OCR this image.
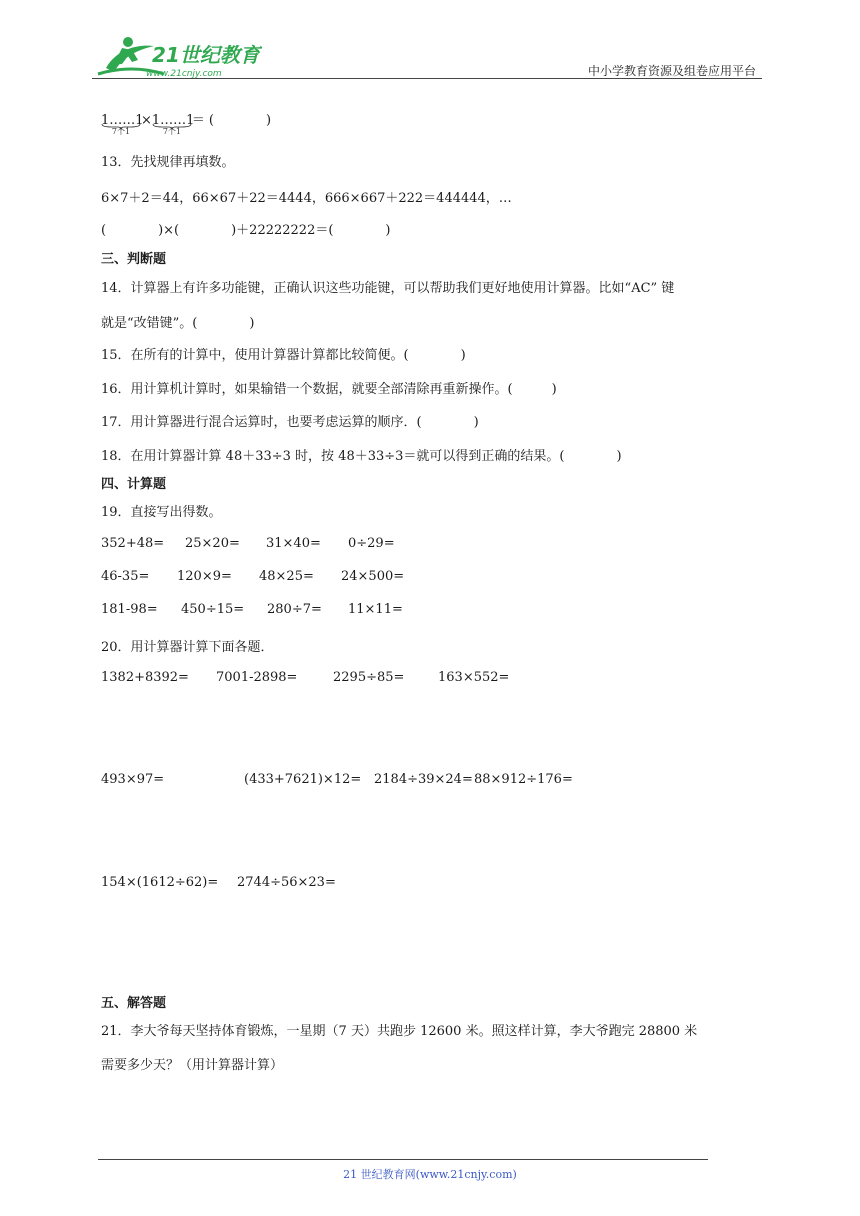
21世纪教育
www.21cnjy.com	中小学教育资源及组卷应用平台
1……1
7个1
×1……1
7个1
＝ (　　　　)
13．先找规律再填数。
6×7＋2＝44，66×67＋22＝4444，666×667＋222＝444444，…
(　　　　)×(　　　　)＋22222222＝(　　　　)
三、判断题
14．计算器上有许多功能键，正确认识这些功能键，可以帮助我们更好地使用计算器。比如“AC” 键
就是“改错键”。(　　　　)
15．在所有的计算中，使用计算器计算都比较简便。(　　　　)
16．用计算机计算时，如果输错一个数据，就要全部清除再重新操作。(　　　)
17．用计算器进行混合运算时，也要考虑运算的顺序．(　　　　)
18．在用计算器计算 48＋33÷3 时，按 48＋33÷3＝就可以得到正确的结果。(　　　　)
四、计算题
19．直接写出得数。
352+48= 25×20= 31×40= 0÷29=
46-35= 120×9= 48×25= 24×500=
181-98= 450÷15= 280÷7= 11×11=
20．用计算器计算下面各题．
1382+8392= 7001-2898=	2295÷85=	163×552=
493×97=	(433+7621)×12= 2184÷39×24= 88×912÷176=
154×(1612÷62)= 2744÷56×23=
五、解答题
21．李大爷每天坚持体育锻炼，一星期（7 天）共跑步 12600 米。照这样计算，李大爷跑完 28800 米
需要多少天？（用计算器计算）
21 世纪教育网(www.21cnjy.com)
